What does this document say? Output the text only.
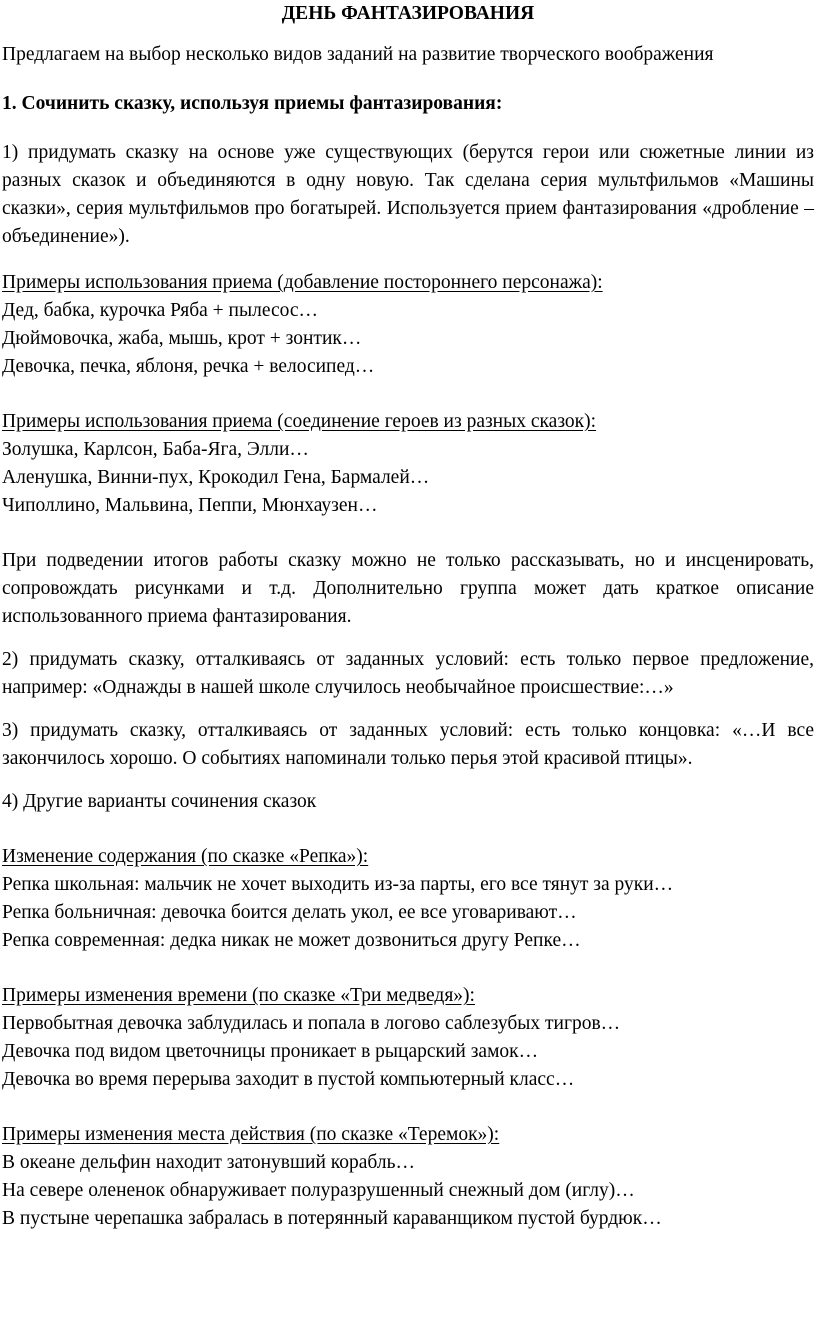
ДЕНЬ ФАНТАЗИРОВАНИЯ

Предлагаем на выбор несколько видов заданий на развитие творческого воображения

1. Сочинить сказку, используя приемы фантазирования:

1) придумать сказку на основе уже существующих (берутся герои или сюжетные линии из разных сказок и объединяются в одну новую. Так сделана серия мультфильмов «Машины сказки», серия мультфильмов про богатырей. Используется прием фантазирования «дробление – объединение»).

Примеры использования приема (добавление постороннего персонажа):

Дед, бабка, курочка Ряба + пылесос…

Дюймовочка, жаба, мышь, крот + зонтик…

Девочка, печка, яблоня, речка + велосипед…

Примеры использования приема (соединение героев из разных сказок):

Золушка, Карлсон, Баба-Яга, Элли…

Аленушка, Винни-пух, Крокодил Гена, Бармалей…

Чиполлино, Мальвина, Пеппи, Мюнхаузен…

При подведении итогов работы сказку можно не только рассказывать, но и инсценировать, сопровождать рисунками и т.д. Дополнительно группа может дать краткое описание использованного приема фантазирования.

2) придумать сказку, отталкиваясь от заданных условий: есть только первое предложение, например: «Однажды в нашей школе случилось необычайное происшествие:…»

3) придумать сказку, отталкиваясь от заданных условий: есть только концовка: «…И все закончилось хорошо. О событиях напоминали только перья этой красивой птицы».

4) Другие варианты сочинения сказок

Изменение содержания (по сказке «Репка»):

Репка школьная: мальчик не хочет выходить из-за парты, его все тянут за руки…

Репка больничная: девочка боится делать укол, ее все уговаривают…

Репка современная: дедка никак не может дозвониться другу Репке…

Примеры изменения времени (по сказке «Три медведя»):

Первобытная девочка заблудилась и попала в логово саблезубых тигров…

Девочка под видом цветочницы проникает в рыцарский замок…

Девочка во время перерыва заходит в пустой компьютерный класс…

Примеры изменения места действия (по сказке «Теремок»):

В океане дельфин находит затонувший корабль…

На севере олененок обнаруживает полуразрушенный снежный дом (иглу)…

В пустыне черепашка забралась в потерянный караванщиком пустой бурдюк…
